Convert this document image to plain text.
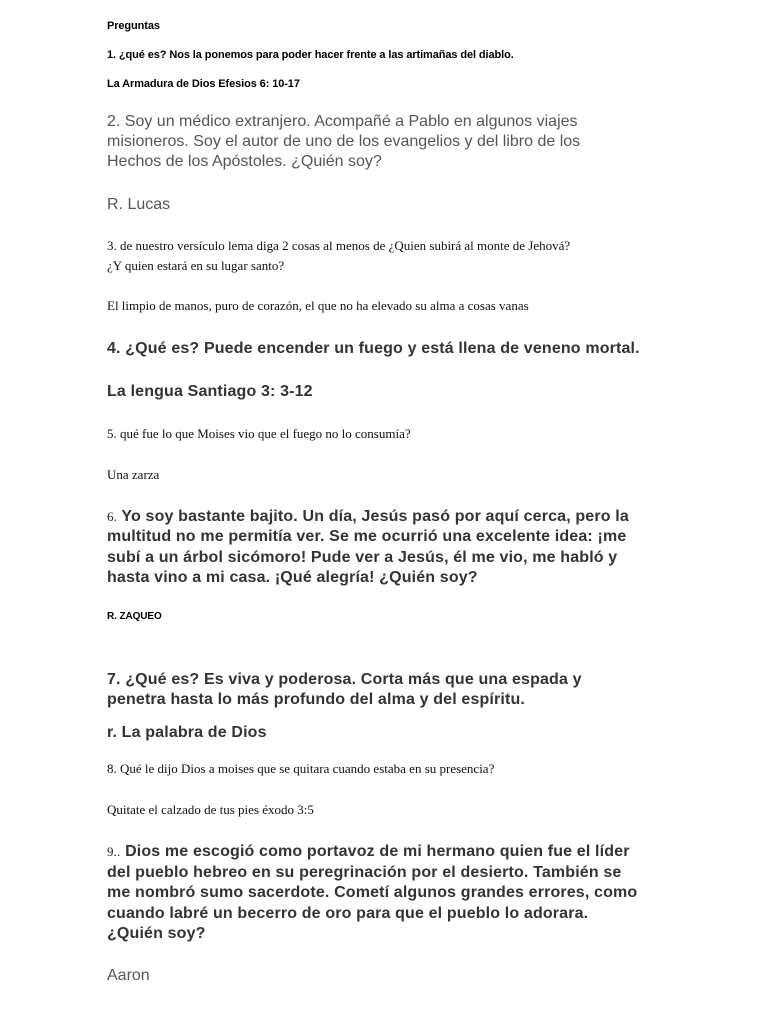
Preguntas

1. ¿qué es? Nos la ponemos para poder hacer frente a las artimañas del diablo.

La Armadura de Dios Efesios 6: 10-17

2. Soy un médico extranjero. Acompañé a Pablo en algunos viajes

misioneros. Soy el autor de uno de los evangelios y del libro de los

Hechos de los Apóstoles. ¿Quién soy?

R. Lucas

3. de nuestro versículo lema diga 2 cosas al menos de ¿Quien subirá al monte de Jehová?

¿Y quien estará en su lugar santo?

El limpio de manos, puro de corazón, el que no ha elevado su alma a cosas vanas

4. ¿Qué es? Puede encender un fuego y está llena de veneno mortal.

La lengua Santiago 3: 3-12

5. qué fue lo que Moises vio que el fuego no lo consumía?

Una zarza

6. Yo soy bastante bajito. Un día, Jesús pasó por aquí cerca, pero la

multitud no me permitía ver. Se me ocurrió una excelente idea: ¡me

subí a un árbol sicómoro! Pude ver a Jesús, él me vio, me habló y

hasta vino a mi casa. ¡Qué alegría! ¿Quién soy?

R. ZAQUEO

7. ¿Qué es? Es viva y poderosa. Corta más que una espada y

penetra hasta lo más profundo del alma y del espíritu.

r. La palabra de Dios

8. Qué le dijo Dios a moises que se quitara cuando estaba en su presencia?

Quitate el calzado de tus pies éxodo 3:5

9.. Dios me escogió como portavoz de mi hermano quien fue el líder

del pueblo hebreo en su peregrinación por el desierto. También se

me nombró sumo sacerdote. Cometí algunos grandes errores, como

cuando labré un becerro de oro para que el pueblo lo adorara.

¿Quién soy?

Aaron
